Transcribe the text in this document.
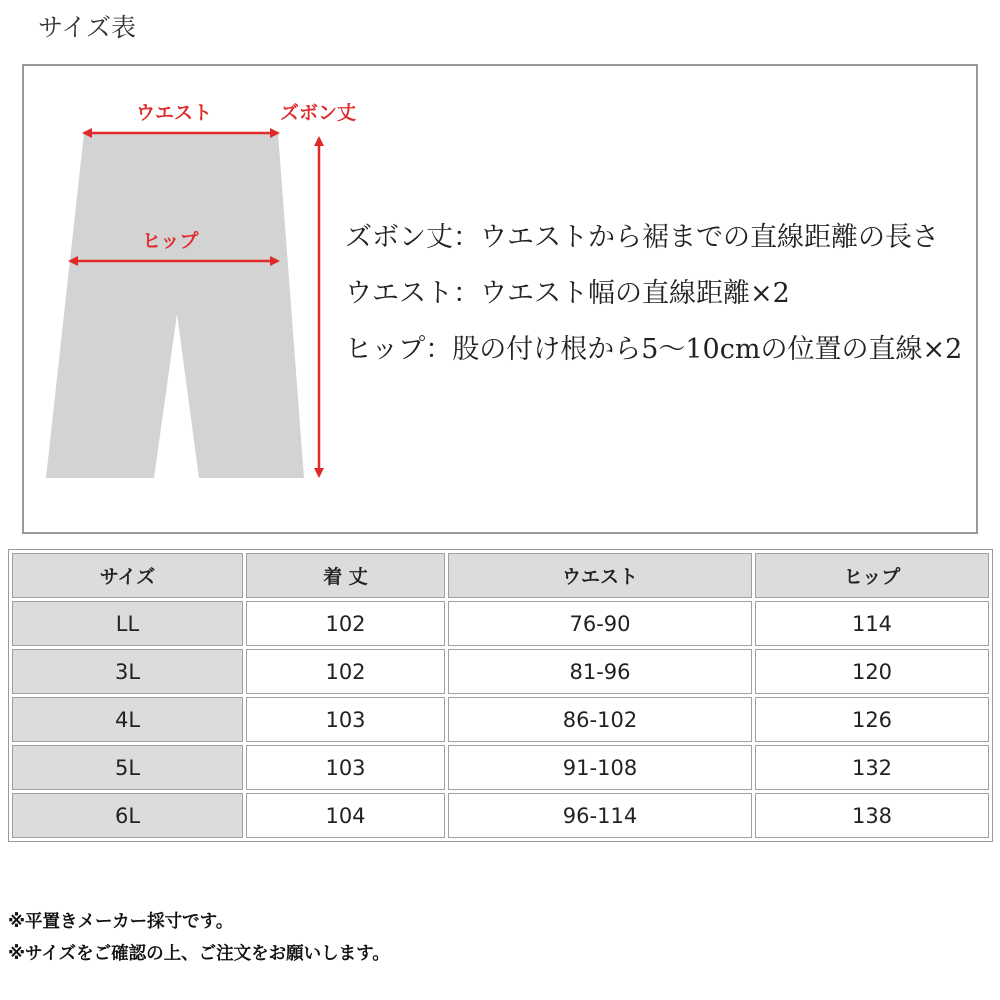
サイズ表
ウエスト	ズボン丈
ヒップ	ズボン丈：ウエストから裾までの直線距離の長さ
ウエスト：ウエスト幅の直線距離×2
ヒップ：股の付け根から5～10cmの位置の直線×2
サイズ	着 丈	ウエスト	ヒップ
LL	102	76-90	114
3L	102	81-96	120
4L	103	86-102	126
5L	103	91-108	132
6L	104	96-114	138
※平置きメーカー採寸です。
※サイズをご確認の上、ご注文をお願いします。
